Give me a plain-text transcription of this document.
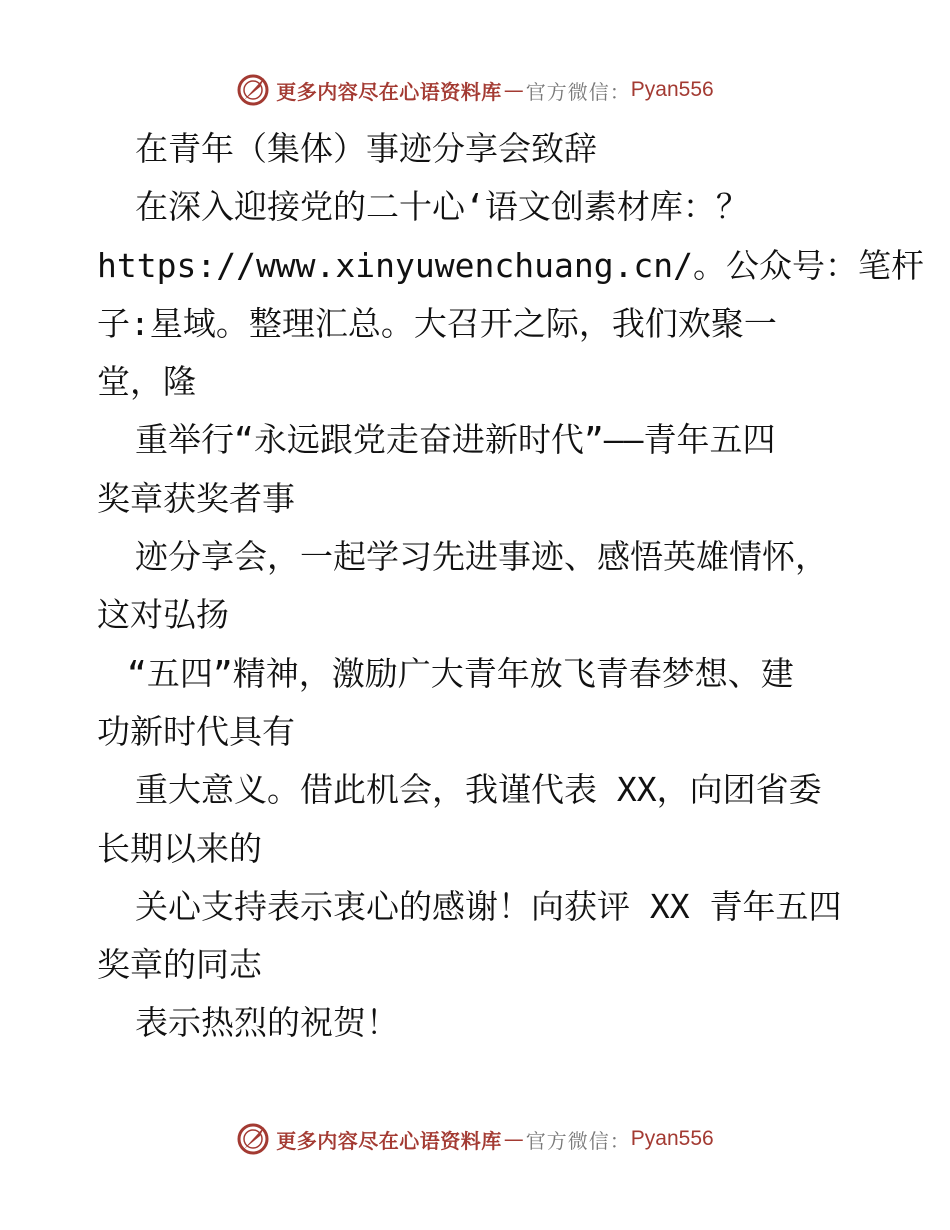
更多内容尽在心语资料库 — 官方微信： Pyan556
在青年（集体）事迹分享会致辞
在深入迎接党的二十心‘语文创素材库：？
https://www.xinyuwenchuang.cn/。公众号：笔杆
子:星域。整理汇总。大召开之际，我们欢聚一
堂，隆
重举行“永远跟党走奋进新时代”——青年五四
奖章获奖者事
迹分享会，一起学习先进事迹、感悟英雄情怀，
这对弘扬
“五四”精神，激励广大青年放飞青春梦想、建
功新时代具有
重大意义。借此机会，我谨代表 XX，向团省委
长期以来的
关心支持表示衷心的感谢！向获评 XX 青年五四
奖章的同志
表示热烈的祝贺！
更多内容尽在心语资料库 — 官方微信： Pyan556
